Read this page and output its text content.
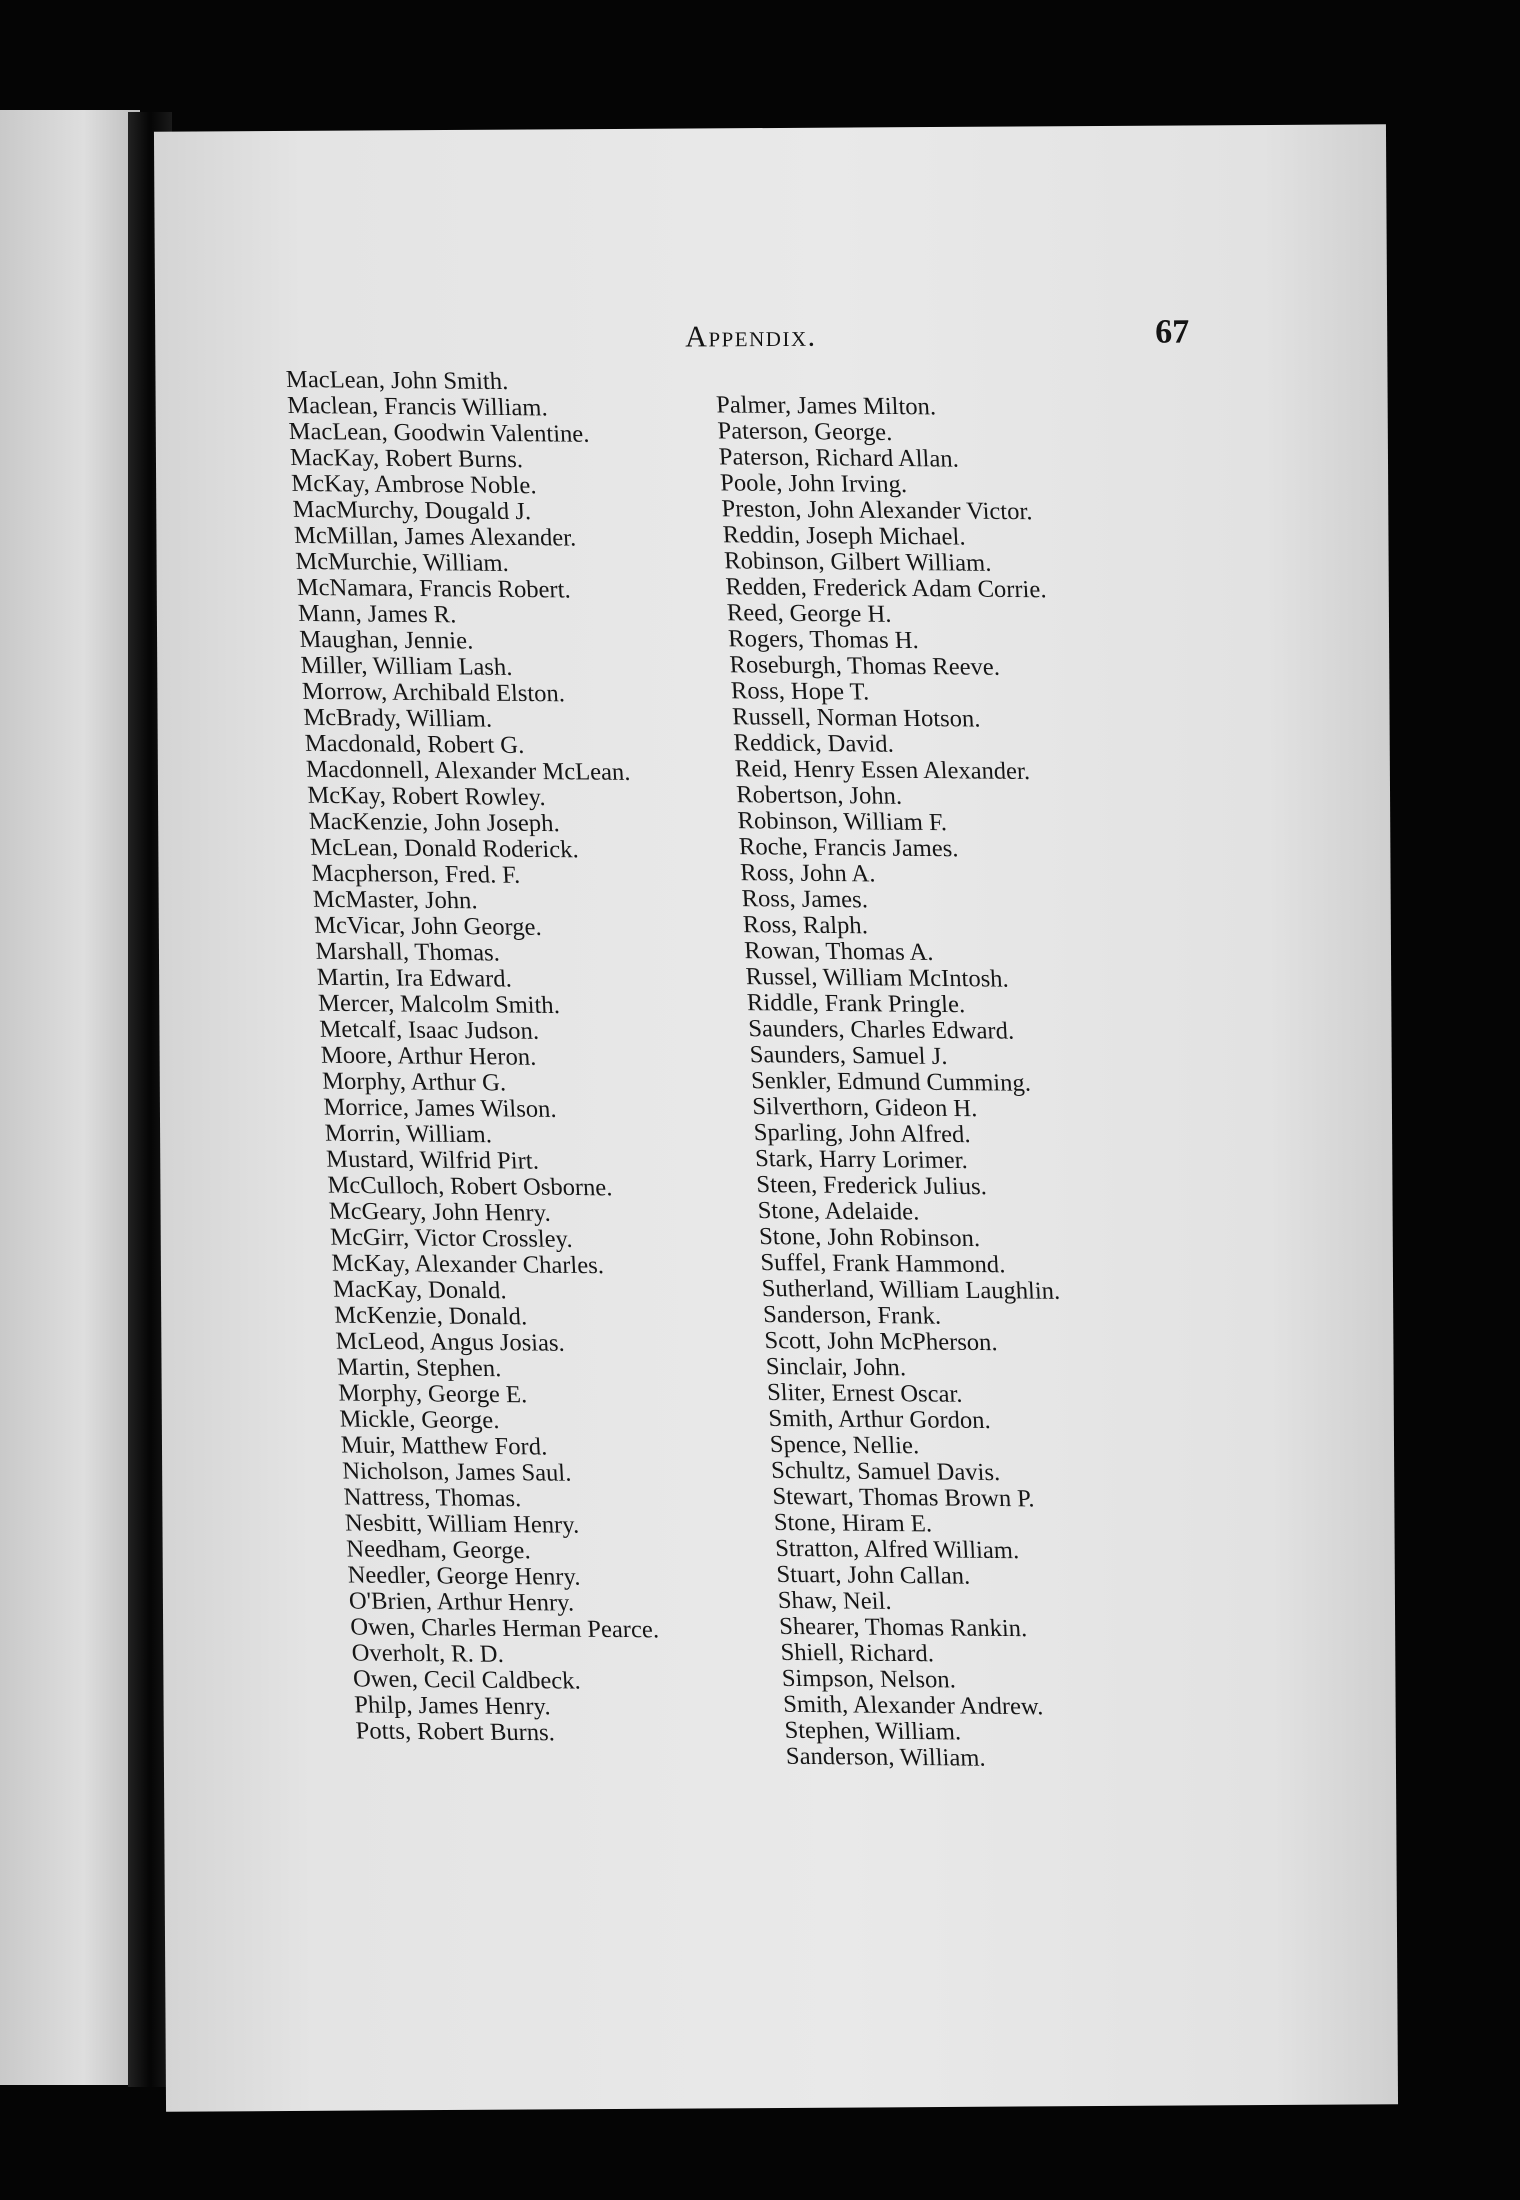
Appendix.	67
MacLean, John Smith.
Maclean, Francis William.
MacLean, Goodwin Valentine.
MacKay, Robert Burns.
McKay, Ambrose Noble.
MacMurchy, Dougald J.
McMillan, James Alexander.
McMurchie, William.
McNamara, Francis Robert.
Mann, James R.
Maughan, Jennie.
Miller, William Lash.
Morrow, Archibald Elston.
McBrady, William.
Macdonald, Robert G.
Macdonnell, Alexander McLean.
McKay, Robert Rowley.
MacKenzie, John Joseph.
McLean, Donald Roderick.
Macpherson, Fred. F.
McMaster, John.
McVicar, John George.
Marshall, Thomas.
Martin, Ira Edward.
Mercer, Malcolm Smith.
Metcalf, Isaac Judson.
Moore, Arthur Heron.
Morphy, Arthur G.
Morrice, James Wilson.
Morrin, William.
Mustard, Wilfrid Pirt.
McCulloch, Robert Osborne.
McGeary, John Henry.
McGirr, Victor Crossley.
McKay, Alexander Charles.
MacKay, Donald.
McKenzie, Donald.
McLeod, Angus Josias.
Martin, Stephen.
Morphy, George E.
Mickle, George.
Muir, Matthew Ford.
Nicholson, James Saul.
Nattress, Thomas.
Nesbitt, William Henry.
Needham, George.
Needler, George Henry.
O'Brien, Arthur Henry.
Owen, Charles Herman Pearce.
Overholt, R. D.
Owen, Cecil Caldbeck.
Philp, James Henry.
Potts, Robert Burns.
Palmer, James Milton.
Paterson, George.
Paterson, Richard Allan.
Poole, John Irving.
Preston, John Alexander Victor.
Reddin, Joseph Michael.
Robinson, Gilbert William.
Redden, Frederick Adam Corrie.
Reed, George H.
Rogers, Thomas H.
Roseburgh, Thomas Reeve.
Ross, Hope T.
Russell, Norman Hotson.
Reddick, David.
Reid, Henry Essen Alexander.
Robertson, John.
Robinson, William F.
Roche, Francis James.
Ross, John A.
Ross, James.
Ross, Ralph.
Rowan, Thomas A.
Russel, William McIntosh.
Riddle, Frank Pringle.
Saunders, Charles Edward.
Saunders, Samuel J.
Senkler, Edmund Cumming.
Silverthorn, Gideon H.
Sparling, John Alfred.
Stark, Harry Lorimer.
Steen, Frederick Julius.
Stone, Adelaide.
Stone, John Robinson.
Suffel, Frank Hammond.
Sutherland, William Laughlin.
Sanderson, Frank.
Scott, John McPherson.
Sinclair, John.
Sliter, Ernest Oscar.
Smith, Arthur Gordon.
Spence, Nellie.
Schultz, Samuel Davis.
Stewart, Thomas Brown P.
Stone, Hiram E.
Stratton, Alfred William.
Stuart, John Callan.
Shaw, Neil.
Shearer, Thomas Rankin.
Shiell, Richard.
Simpson, Nelson.
Smith, Alexander Andrew.
Stephen, William.
Sanderson, William.
